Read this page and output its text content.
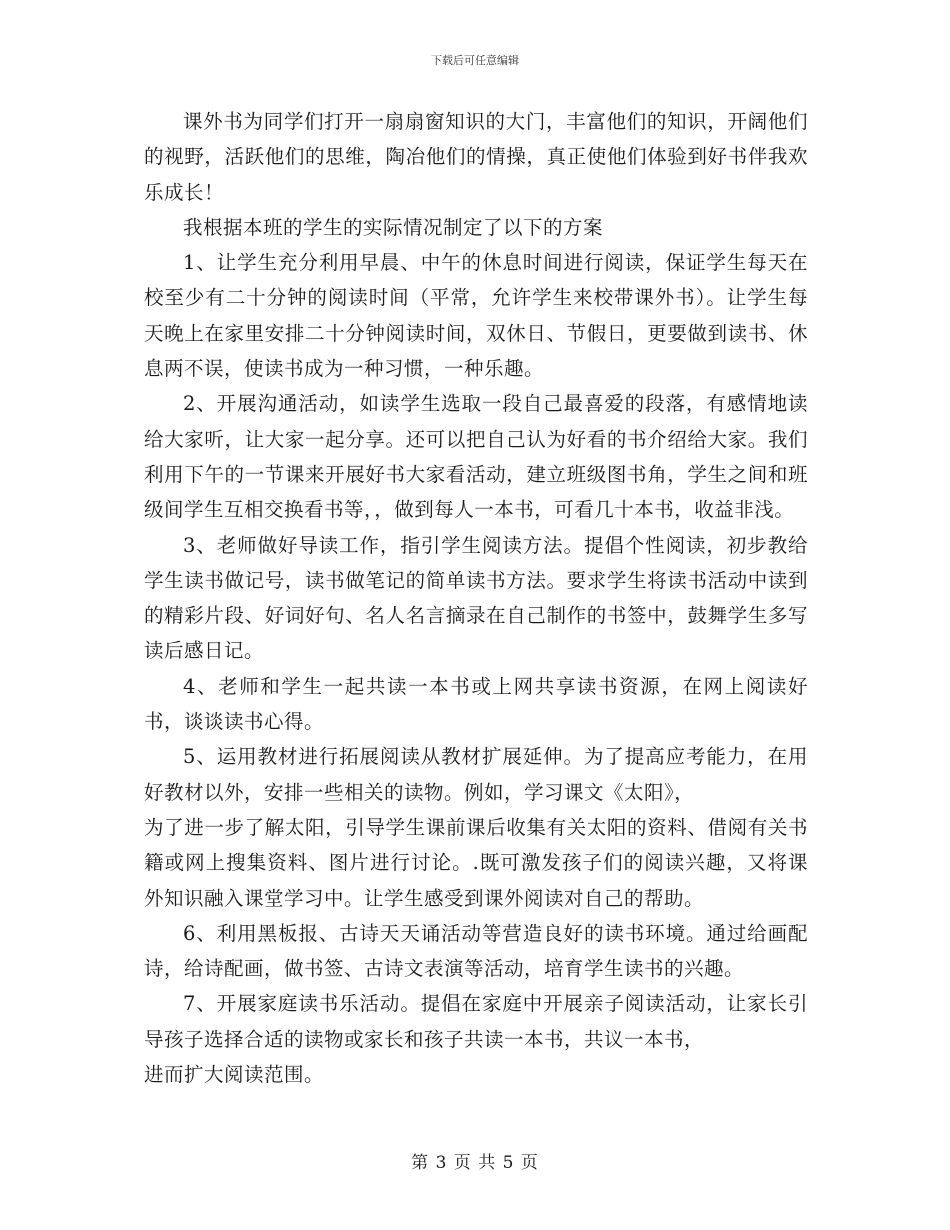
下载后可任意编辑

课外书为同学们打开一扇扇窗知识的大门，丰富他们的知识，开阔他们的视野，活跃他们的思维，陶冶他们的情操，真正使他们体验到好书伴我欢乐成长！

我根据本班的学生的实际情况制定了以下的方案

1、让学生充分利用早晨、中午的休息时间进行阅读，保证学生每天在校至少有二十分钟的阅读时间（平常，允许学生来校带课外书）。让学生每天晚上在家里安排二十分钟阅读时间，双休日、节假日，更要做到读书、休息两不误，使读书成为一种习惯，一种乐趣。

2、开展沟通活动，如读学生选取一段自己最喜爱的段落，有感情地读给大家听，让大家一起分享。还可以把自己认为好看的书介绍给大家。我们利用下午的一节课来开展好书大家看活动，建立班级图书角，学生之间和班级间学生互相交换看书等，，做到每人一本书，可看几十本书，收益非浅。

3、老师做好导读工作，指引学生阅读方法。提倡个性阅读，初步教给学生读书做记号，读书做笔记的简单读书方法。要求学生将读书活动中读到的精彩片段、好词好句、名人名言摘录在自己制作的书签中，鼓舞学生多写读后感日记。

4、老师和学生一起共读一本书或上网共享读书资源，在网上阅读好书，谈谈读书心得。

5、运用教材进行拓展阅读从教材扩展延伸。为了提高应考能力，在用好教材以外，安排一些相关的读物。例如，学习课文《太阳》，
为了进一步了解太阳，引导学生课前课后收集有关太阳的资料、借阅有关书籍或网上搜集资料、图片进行讨论。.既可激发孩子们的阅读兴趣，又将课外知识融入课堂学习中。让学生感受到课外阅读对自己的帮助。

6、利用黑板报、古诗天天诵活动等营造良好的读书环境。通过给画配诗，给诗配画，做书签、古诗文表演等活动，培育学生读书的兴趣。

7、开展家庭读书乐活动。提倡在家庭中开展亲子阅读活动，让家长引导孩子选择合适的读物或家长和孩子共读一本书，共议一本书，
进而扩大阅读范围。

第 3 页 共 5 页
